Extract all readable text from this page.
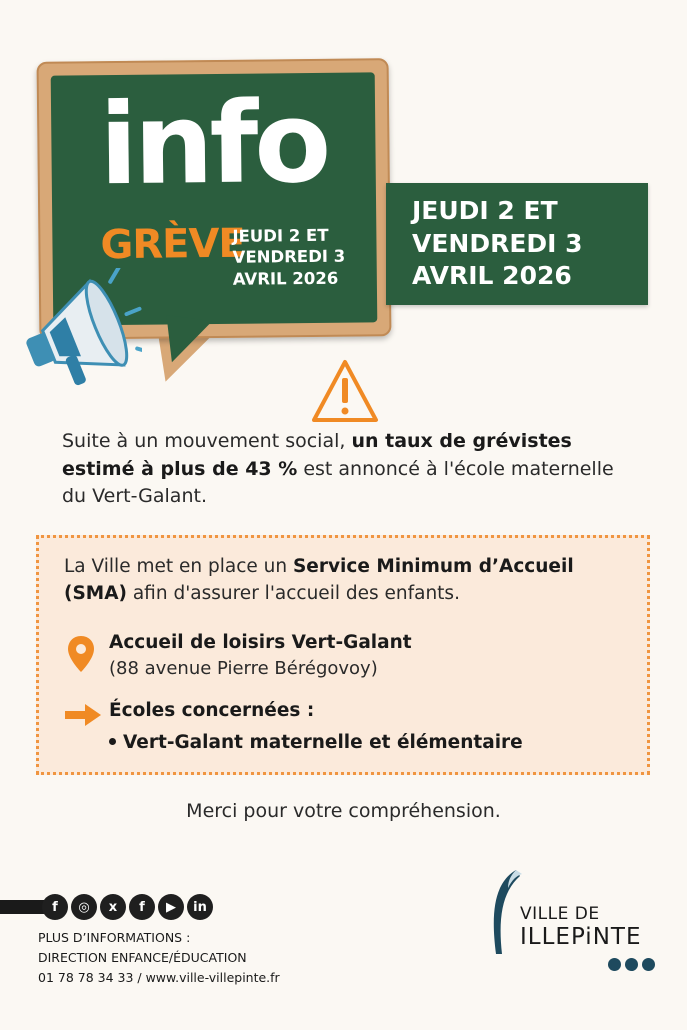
info
GRÈVE
JEUDI 2 ET
VENDREDI 3
AVRIL 2026
JEUDI 2 ET
VENDREDI 3
AVRIL 2026

Suite à un mouvement social, un taux de grévistes estimé à plus de 43 % est annoncé à l'école maternelle du Vert-Galant.

La Ville met en place un Service Minimum d’Accueil (SMA) afin d'assurer l'accueil des enfants.

Accueil de loisirs Vert-Galant
(88 avenue Pierre Bérégovoy)
Écoles concernées :
Vert-Galant maternelle et élémentaire
Merci pour votre compréhension.
f	◎	x	f	▶	in
PLUS D’INFORMATIONS :
DIRECTION ENFANCE/ÉDUCATION
01 78 78 34 33 / www.ville-villepinte.fr
VILLE DE
ILLEPiNTE
